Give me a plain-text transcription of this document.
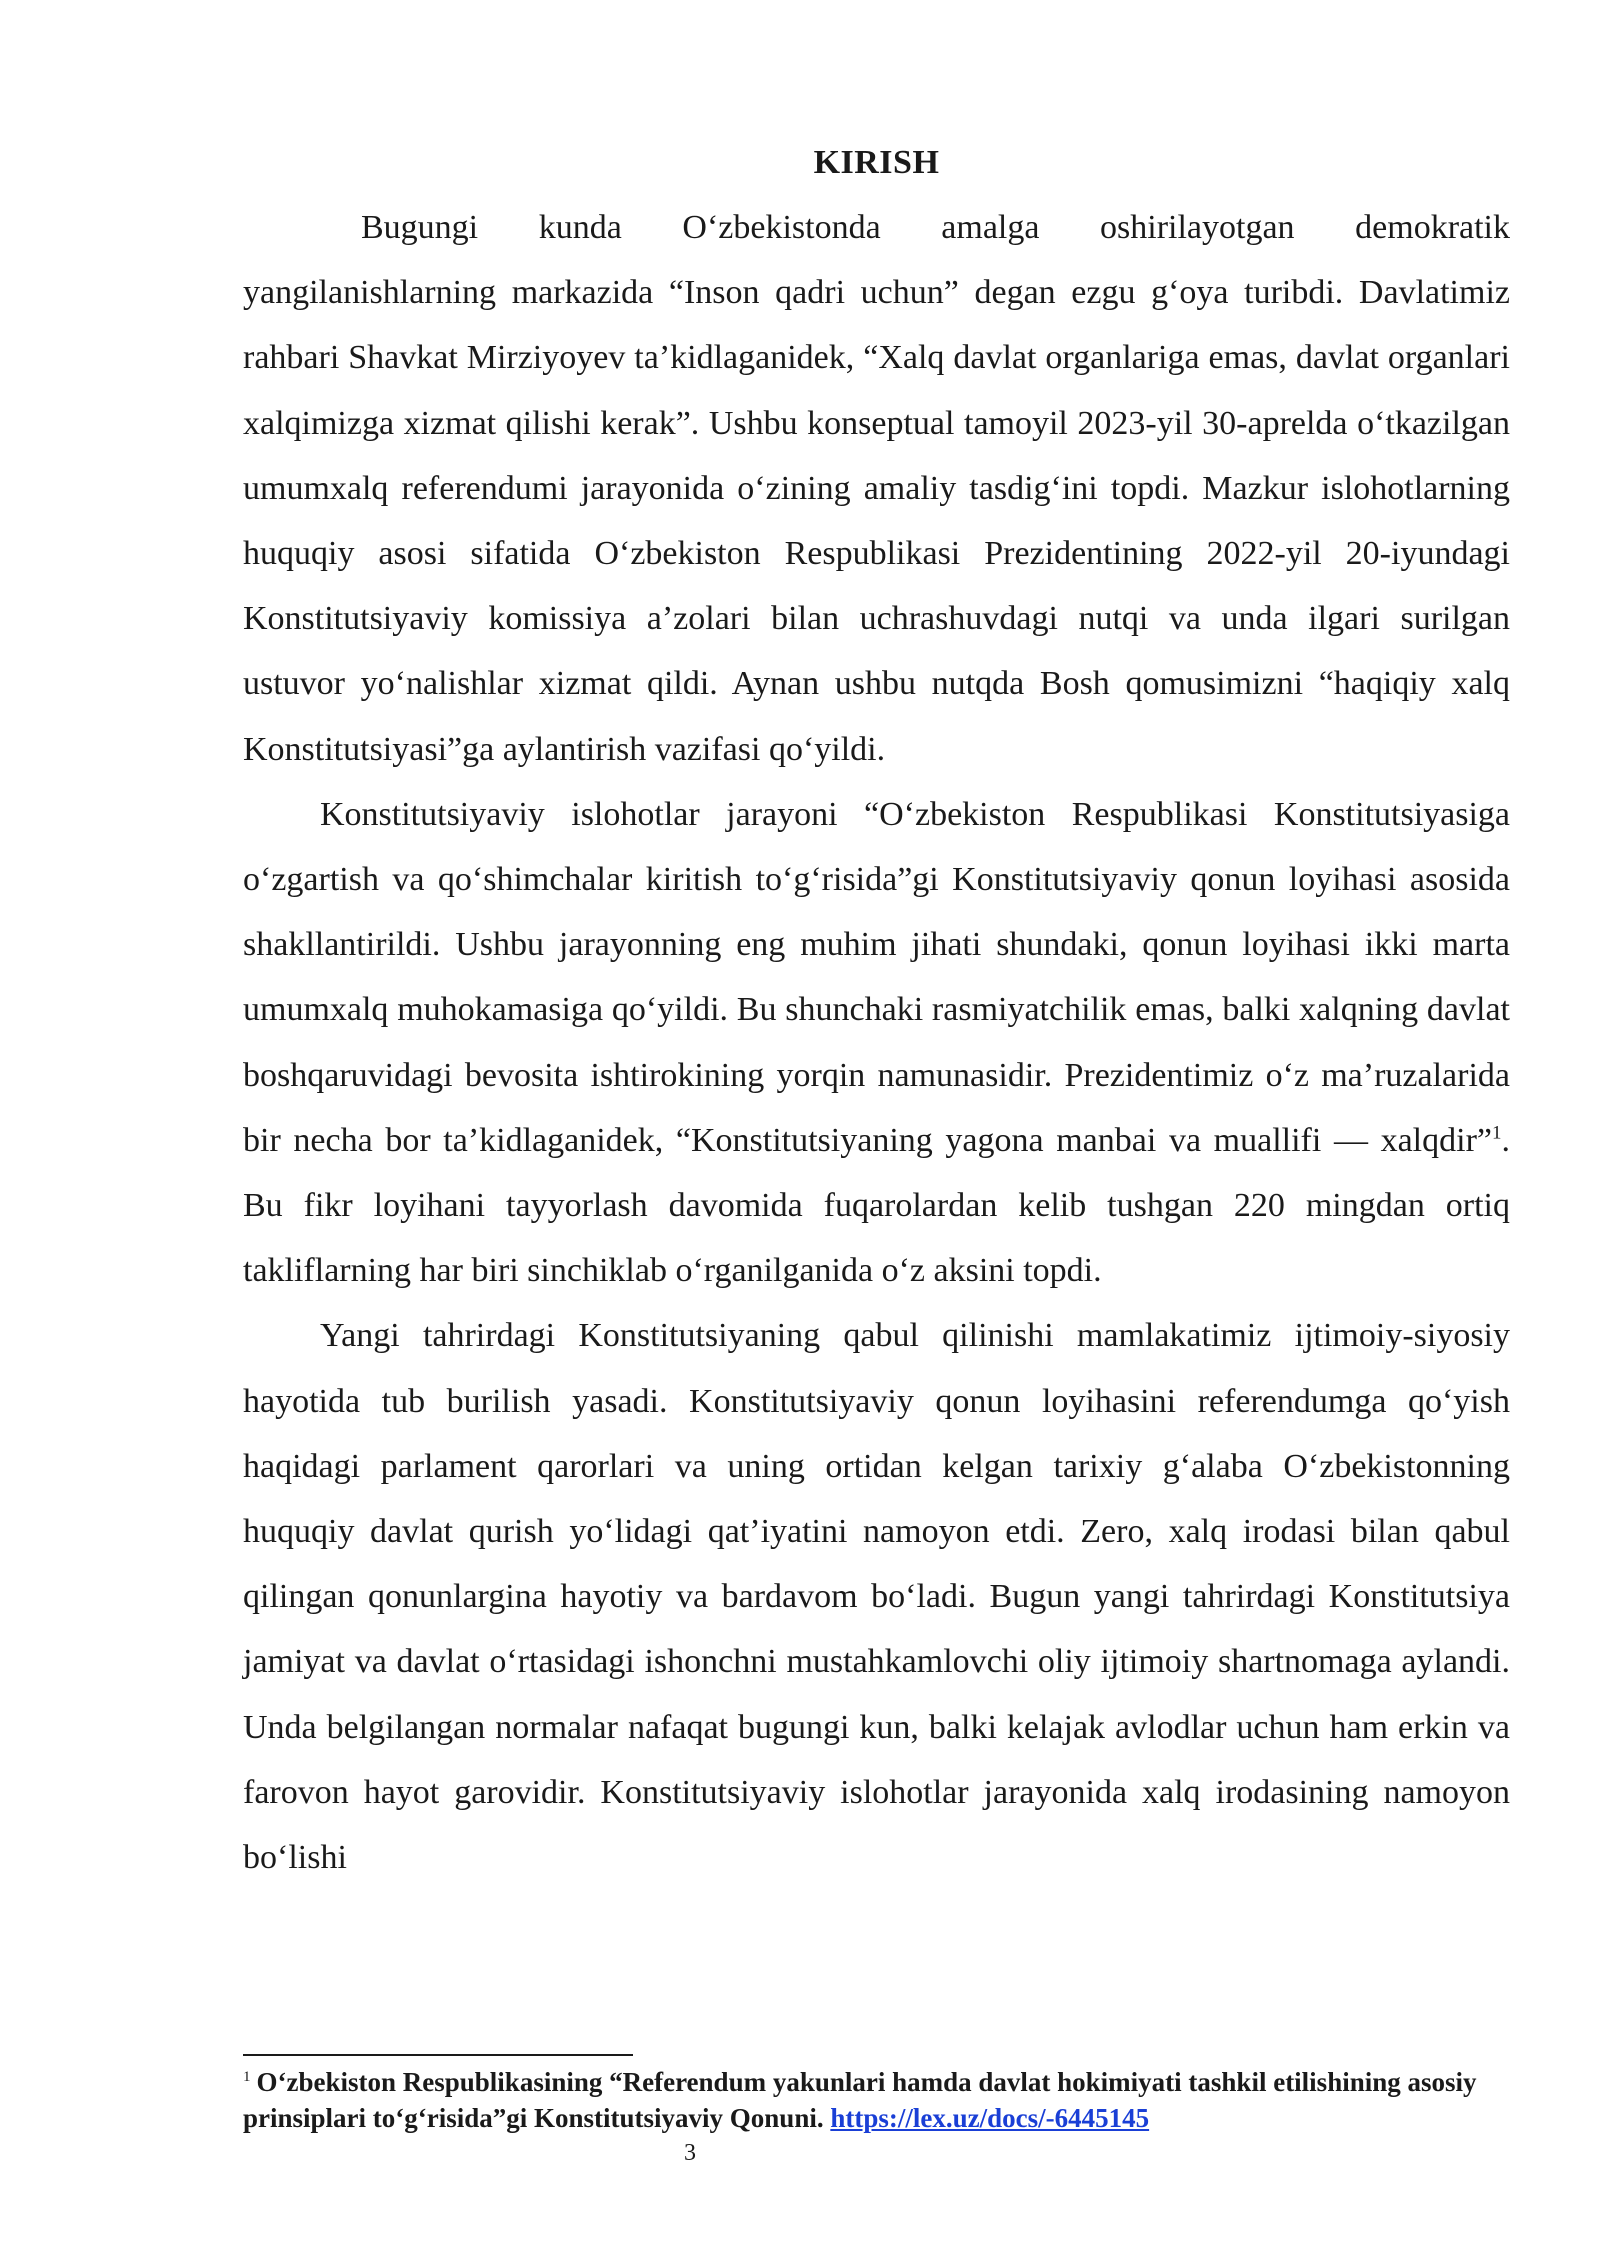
KIRISH

Bugungi kunda O‘zbekistonda amalga oshirilayotgan demokratik yangilanishlarning markazida “Inson qadri uchun” degan ezgu g‘oya turibdi. Davlatimiz rahbari Shavkat Mirziyoyev ta’kidlaganidek, “Xalq davlat organlariga emas, davlat organlari xalqimizga xizmat qilishi kerak”. Ushbu konseptual tamoyil 2023-yil 30-aprelda o‘tkazilgan umumxalq referendumi jarayonida o‘zining amaliy tasdig‘ini topdi. Mazkur islohotlarning huquqiy asosi sifatida O‘zbekiston Respublikasi Prezidentining 2022-yil 20-iyundagi Konstitutsiyaviy komissiya a’zolari bilan uchrashuvdagi nutqi va unda ilgari surilgan ustuvor yo‘nalishlar xizmat qildi. Aynan ushbu nutqda Bosh qomusimizni “haqiqiy xalq Konstitutsiyasi”ga aylantirish vazifasi qo‘yildi.

Konstitutsiyaviy islohotlar jarayoni “O‘zbekiston Respublikasi Konstitutsiyasiga o‘zgartish va qo‘shimchalar kiritish to‘g‘risida”gi Konstitutsiyaviy qonun loyihasi asosida shakllantirildi. Ushbu jarayonning eng muhim jihati shundaki, qonun loyihasi ikki marta umumxalq muhokamasiga qo‘yildi. Bu shunchaki rasmiyatchilik emas, balki xalqning davlat boshqaruvidagi bevosita ishtirokining yorqin namunasidir. Prezidentimiz o‘z ma’ruzalarida bir necha bor ta’kidlaganidek, “Konstitutsiyaning yagona manbai va muallifi — xalqdir”$^1$. Bu fikr loyihani tayyorlash davomida fuqarolardan kelib tushgan 220 mingdan ortiq takliflarning har biri sinchiklab o‘rganilganida o‘z aksini topdi.

Yangi tahrirdagi Konstitutsiyaning qabul qilinishi mamlakatimiz ijtimoiy-siyosiy hayotida tub burilish yasadi. Konstitutsiyaviy qonun loyihasini referendumga qo‘yish haqidagi parlament qarorlari va uning ortidan kelgan tarixiy g‘alaba O‘zbekistonning huquqiy davlat qurish yo‘lidagi qat’iyatini namoyon etdi. Zero, xalq irodasi bilan qabul qilingan qonunlargina hayotiy va bardavom bo‘ladi. Bugun yangi tahrirdagi Konstitutsiya jamiyat va davlat o‘rtasidagi ishonchni mustahkamlovchi oliy ijtimoiy shartnomaga aylandi. Unda belgilangan normalar nafaqat bugungi kun, balki kelajak avlodlar uchun ham erkin va farovon hayot garovidir. Konstitutsiyaviy islohotlar jarayonida xalq irodasining namoyon bo‘lishi

$^1$ O‘zbekiston Respublikasining “Referendum yakunlari hamda davlat hokimiyati tashkil etilishining asosiy prinsiplari to‘g‘risida”gi Konstitutsiyaviy Qonuni. https://lex.uz/docs/-6445145

3
